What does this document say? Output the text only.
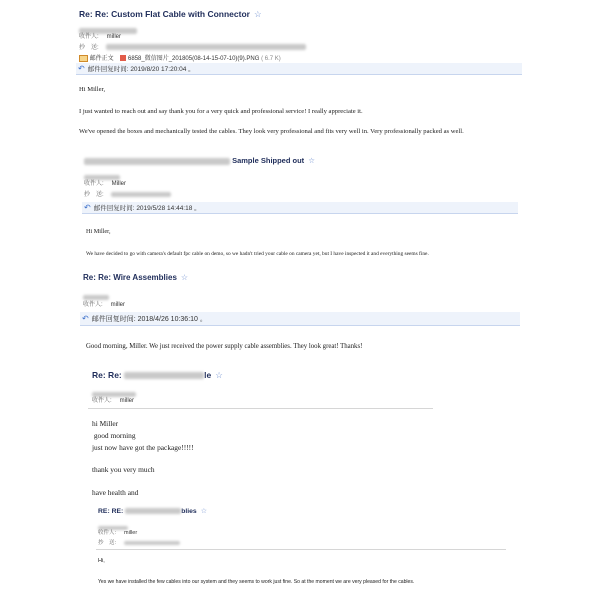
Re: Re: Custom Flat Cable with Connector ☆
收件人: miller
抄　送:
邮件正文 6858_微信图片_201805(08-14-15-07-10)(9).PNG ( 6.7 K)
↶ 邮件回复时间: 2019/8/20 17:20:04 。
Hi Miller,
I just wanted to reach out and say thank you for a very quick and professional service! I really appreciate it.
We've opened the boxes and mechanically tested the cables. They look very professional and fits very well in. Very professionally packed as well.
Sample Shipped out ☆
收件人: Miller
抄　送:
↶ 邮件回复时间: 2019/5/28 14:44:18 。
Hi Miller,
We have decided to go with camera's default fpc cable on demo, so we hadn't tried your cable on camera yet, but I have inspected it and everything seems fine.
Re: Re: Wire Assemblies ☆
收件人: miller
↶ 邮件回复时间: 2018/4/26 10:36:10 。
Good morning, Miller. We just received the power supply cable assemblies. They look great! Thanks!
Re: Re:	le ☆
收件人: miller
hi Miller
good morning
just now have got the package!!!!!
thank you very much
have health and
RE: RE:	blies ☆
收件人: miller
抄　送:
Hi,
Yes we have installed the few cables into our system and they seems to work just fine. So at the moment we are very pleased for the cables.
